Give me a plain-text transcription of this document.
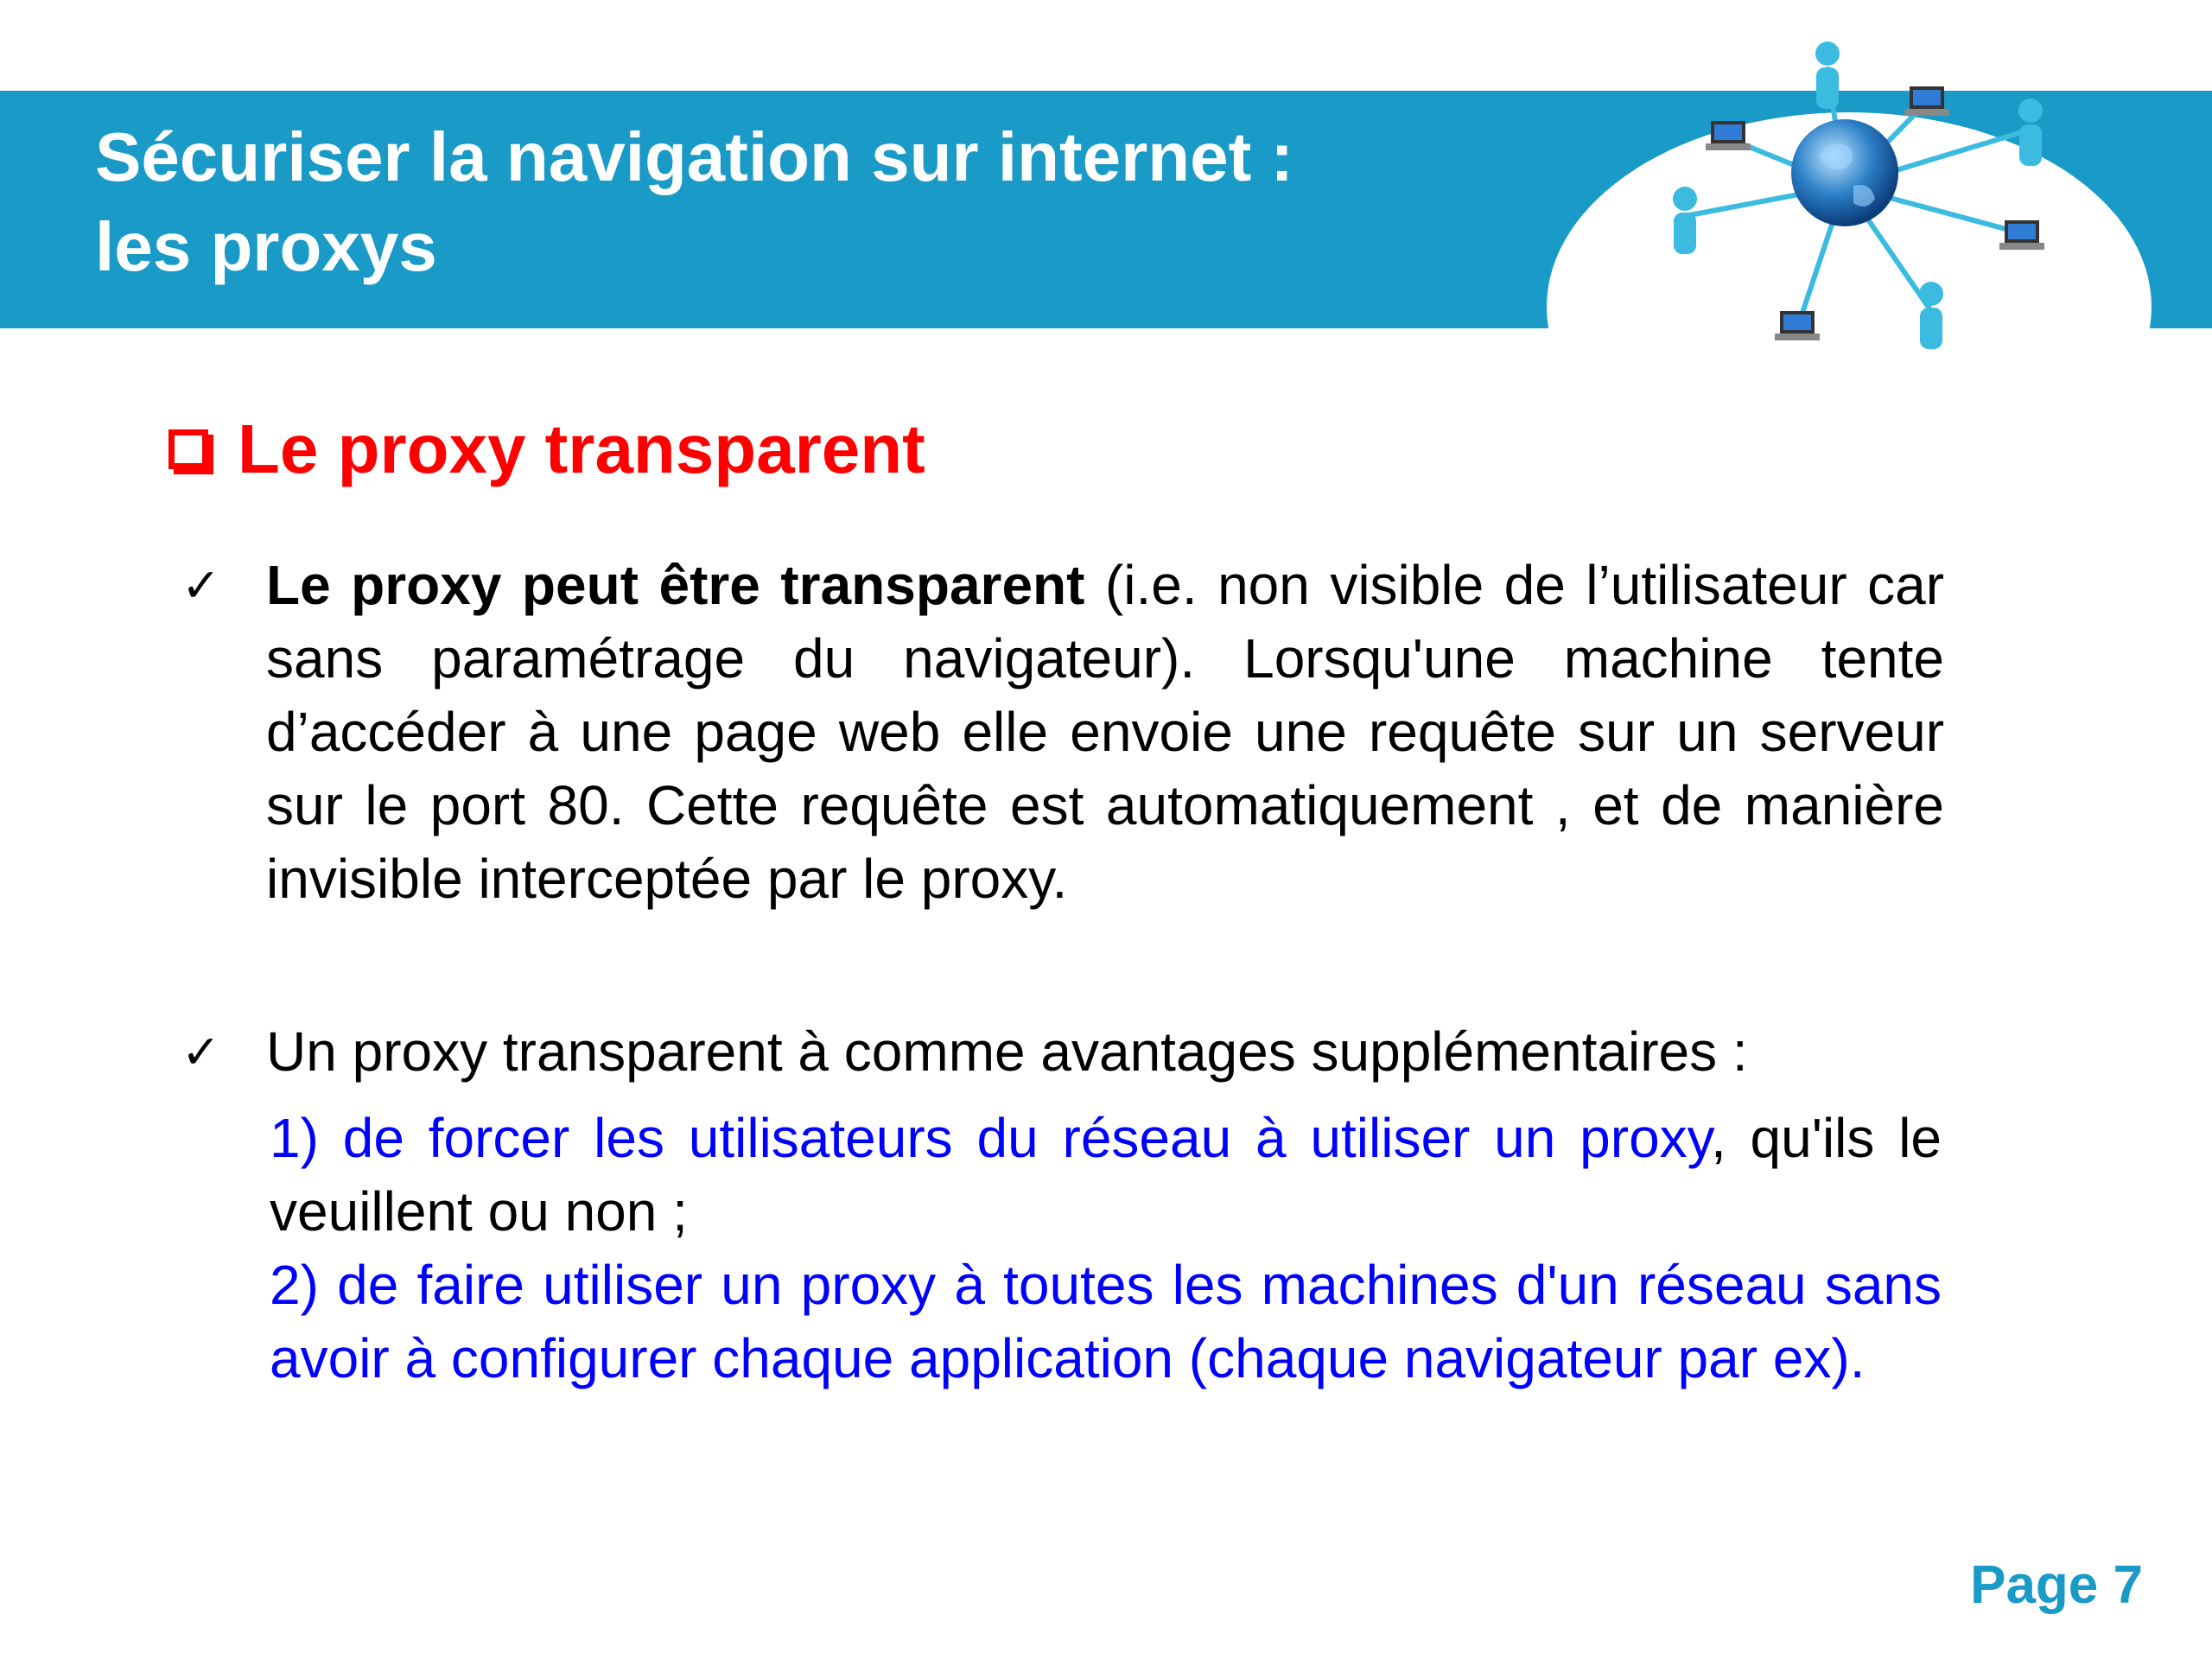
Sécuriser la navigation sur internet :
les proxys
Le proxy transparent
✓ Le proxy peut être transparent (i.e. non visible de l’utilisateur car sans paramétrage du navigateur). Lorsqu'une machine tente d’accéder à une page web elle envoie une requête sur un serveur sur le port 80. Cette requête est automatiquement , et de manière invisible interceptée par le proxy.
✓ Un proxy transparent à comme avantages supplémentaires :
1) de forcer les utilisateurs du réseau à utiliser un proxy, qu'ils le veuillent ou non ;
2) de faire utiliser un proxy à toutes les machines d'un réseau sans avoir à configurer chaque application (chaque navigateur par ex).
Page 7
